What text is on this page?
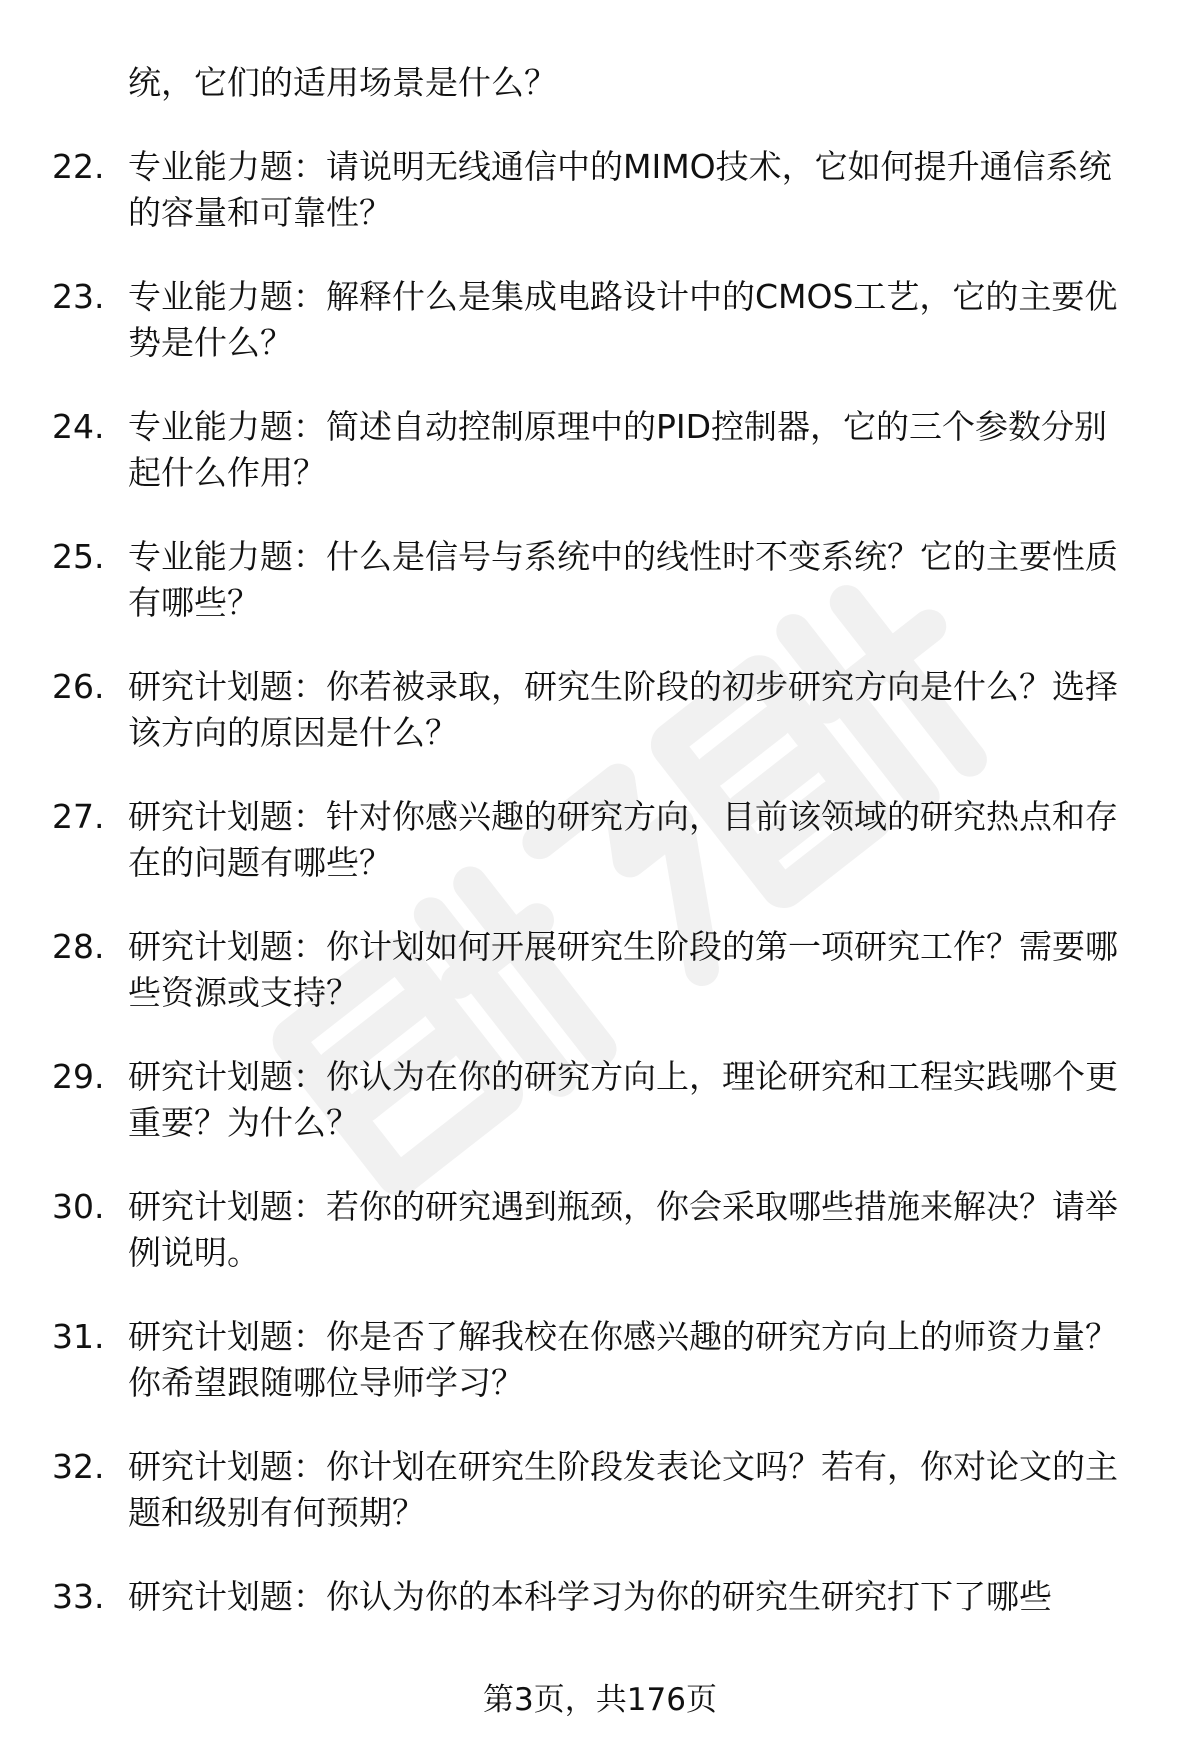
统，它们的适用场景是什么？
22. 专业能力题：请说明无线通信中的MIMO技术，它如何提升通信系统的容量和可靠性？
23. 专业能力题：解释什么是集成电路设计中的CMOS工艺，它的主要优势是什么？
24. 专业能力题：简述自动控制原理中的PID控制器，它的三个参数分别起什么作用？
25. 专业能力题：什么是信号与系统中的线性时不变系统？它的主要性质有哪些？
26. 研究计划题：你若被录取，研究生阶段的初步研究方向是什么？选择该方向的原因是什么？
27. 研究计划题：针对你感兴趣的研究方向，目前该领域的研究热点和存在的问题有哪些？
28. 研究计划题：你计划如何开展研究生阶段的第一项研究工作？需要哪些资源或支持？
29. 研究计划题：你认为在你的研究方向上，理论研究和工程实践哪个更重要？为什么？
30. 研究计划题：若你的研究遇到瓶颈，你会采取哪些措施来解决？请举例说明。
31. 研究计划题：你是否了解我校在你感兴趣的研究方向上的师资力量？你希望跟随哪位导师学习？
32. 研究计划题：你计划在研究生阶段发表论文吗？若有，你对论文的主题和级别有何预期？
33. 研究计划题：你认为你的本科学习为你的研究生研究打下了哪些
第3页，共176页
